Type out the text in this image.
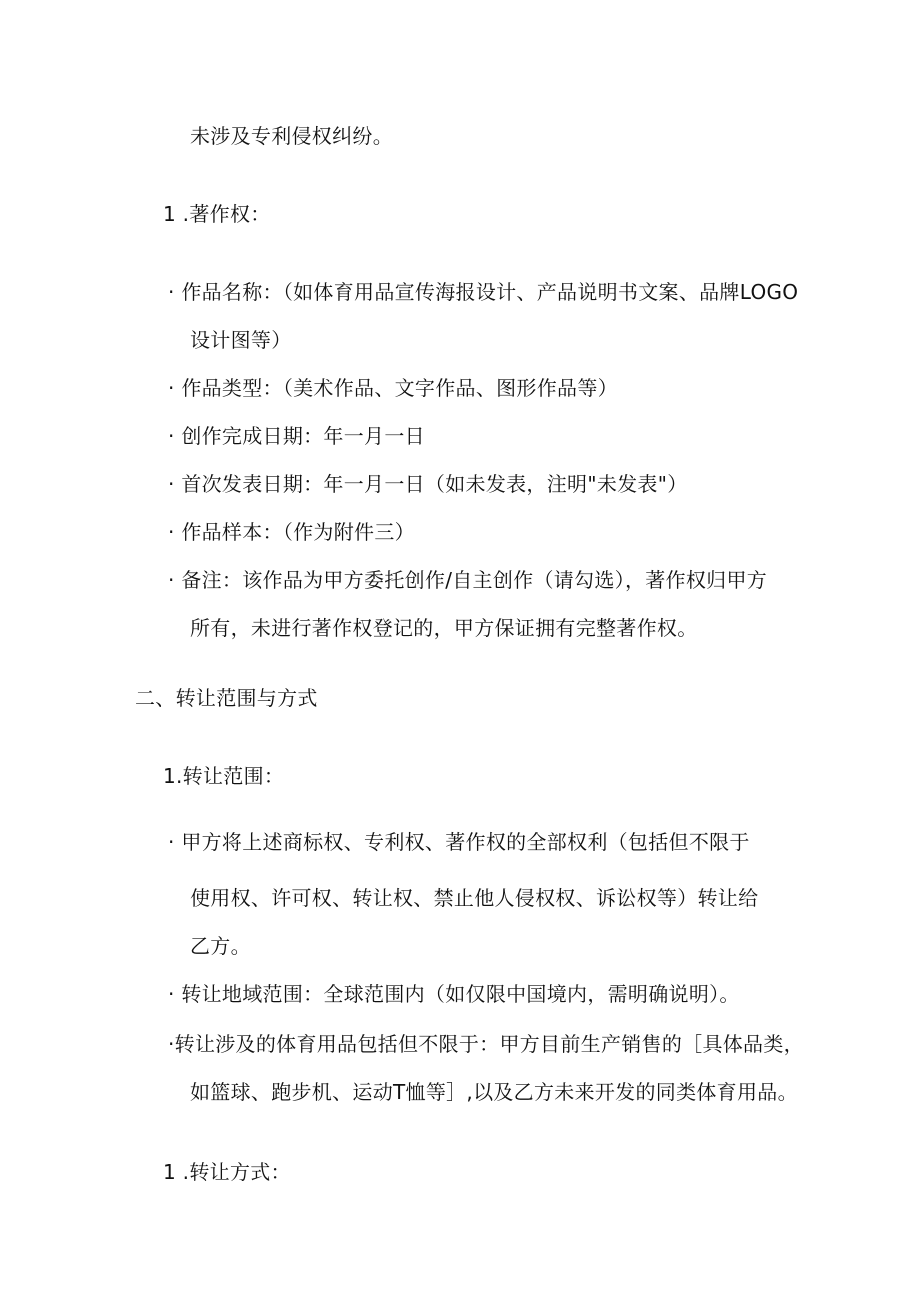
未涉及专利侵权纠纷。
1 .著作权：
· 作品名称：（如体育用品宣传海报设计、产品说明书文案、品牌LOGO
设计图等）
· 作品类型：（美术作品、文字作品、图形作品等）
· 创作完成日期：年一月一日
· 首次发表日期：年一月一日（如未发表，注明"未发表"）
· 作品样本：（作为附件三）
· 备注：该作品为甲方委托创作/自主创作（请勾选），著作权归甲方
所有，未进行著作权登记的，甲方保证拥有完整著作权。
二、转让范围与方式
1.转让范围：
· 甲方将上述商标权、专利权、著作权的全部权利（包括但不限于
使用权、许可权、转让权、禁止他人侵权权、诉讼权等）转让给
乙方。
· 转让地域范围：全球范围内（如仅限中国境内，需明确说明）。
·转让涉及的体育用品包括但不限于：甲方目前生产销售的［具体品类，
如篮球、跑步机、运动T恤等］,以及乙方未来开发的同类体育用品。
1 .转让方式：
